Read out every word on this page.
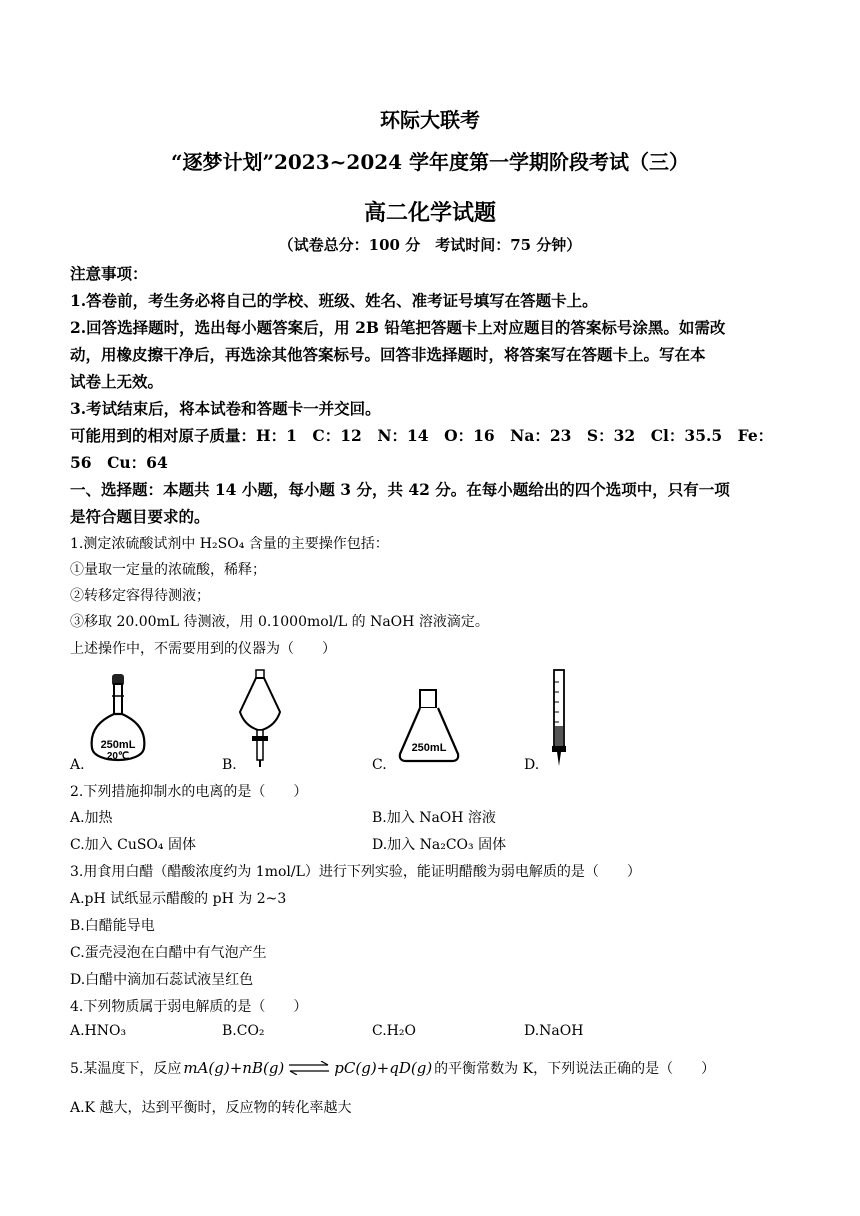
环际大联考
“逐梦计划”2023~2024 学年度第一学期阶段考试（三）
高二化学试题
（试卷总分：100 分　考试时间：75 分钟）
注意事项：
1.答卷前，考生务必将自己的学校、班级、姓名、准考证号填写在答题卡上。
2.回答选择题时，选出每小题答案后，用 2B 铅笔把答题卡上对应题目的答案标号涂黑。如需改
动，用橡皮擦干净后，再选涂其他答案标号。回答非选择题时，将答案写在答题卡上。写在本
试卷上无效。
3.考试结束后，将本试卷和答题卡一并交回。
可能用到的相对原子质量：H：1　C：12　N：14　O：16　Na：23　S：32　Cl：35.5　Fe：
56　Cu：64
一、选择题：本题共 14 小题，每小题 3 分，共 42 分。在每小题给出的四个选项中，只有一项
是符合题目要求的。
1.测定浓硫酸试剂中 H₂SO₄ 含量的主要操作包括：
①量取一定量的浓硫酸，稀释；
②转移定容得待测液；
③移取 20.00mL 待测液，用 0.1000mol/L 的 NaOH 溶液滴定。
上述操作中，不需要用到的仪器为（　　）
250mL
20℃
250mL
A.	B.	C.	D.
2.下列措施抑制水的电离的是（　　）
A.加热	B.加入 NaOH 溶液
C.加入 CuSO₄ 固体	D.加入 Na₂CO₃ 固体
3.用食用白醋（醋酸浓度约为 1mol/L）进行下列实验，能证明醋酸为弱电解质的是（　　）
A.pH 试纸显示醋酸的 pH 为 2~3
B.白醋能导电
C.蛋壳浸泡在白醋中有气泡产生
D.白醋中滴加石蕊试液呈红色
4.下列物质属于弱电解质的是（　　）
A.HNO₃	B.CO₂	C.H₂O	D.NaOH
5.某温度下，反应 mA(g)+nB(g) ⇌ pC(g)+qD(g) 的平衡常数为 K，下列说法正确的是（　　）
A.K 越大，达到平衡时，反应物的转化率越大
